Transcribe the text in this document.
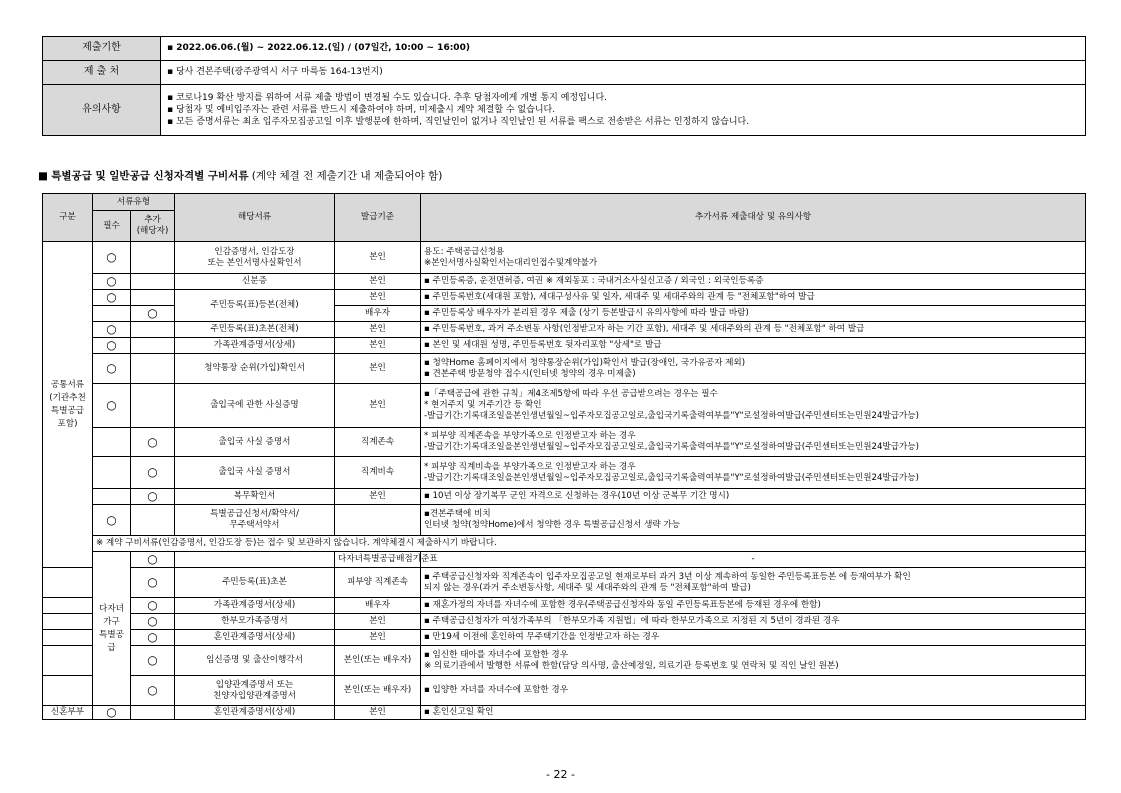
제출기한	▪ 2022.06.06.(월) ~ 2022.06.12.(일) / (07일간, 10:00 ~ 16:00)
제 출 처	▪ 당사 견본주택(광주광역시 서구 마륵동 164-13번지)
유의사항	▪ 코로나19 확산 방지를 위하여 서류 제출 방법이 변경될 수도 있습니다. 추후 당첨자에게 개별 통지 예정입니다.
▪ 당첨자 및 예비입주자는 관련 서류를 반드시 제출하여야 하며, 미제출시 계약 체결할 수 없습니다.
▪ 모든 증명서류는 최초 입주자모집공고일 이후 발행분에 한하며, 직인날인이 없거나 직인날인 된 서류를 팩스로 전송받은 서류는 인정하지 않습니다.
■ 특별공급 및 일반공급 신청자격별 구비서류 (계약 체결 전 제출기간 내 제출되어야 함)
구분	서류유형		해당서류	발급기준	추가서류 제출대상 및 유의사항	
	필수	추가
(해당자)				

공통서류
(기관추천
특별공급
포함)	○		인감증명서, 인감도장
또는 본인서명사실확인서	본인	용도: 주택공급신청용
※본인서명사실확인서는대리인접수및계약불가	

	○		신분증	본인	▪ 주민등록증, 운전면허증, 여권 ※ 재외동포 : 국내거소사실신고증 / 외국인 : 외국인등록증	
	○		주민등록(표)등본(전체)	본인	▪ 주민등록번호(세대원 포함), 세대구성사유 및 일자, 세대주 및 세대주와의 관계 등 "전체포함"하여 발급	
		○		배우자	▪ 주민등록상 배우자가 분리된 경우 제출 (상기 등본발급시 유의사항에 따라 발급 바람)	
	○		주민등록(표)초본(전체)	본인	▪ 주민등록번호, 과거 주소변동 사항(인정받고자 하는 기간 포함), 세대주 및 세대주와의 관계 등 "전체포함" 하여 발급	
	○		가족관계증명서(상세)	본인	▪ 본인 및 세대원 성명, 주민등록번호 뒷자리포함 "상세"로 발급	
	○		청약통장 순위(가입)확인서	본인	▪ 청약Home 홈페이지에서 청약통장순위(가입)확인서 발급(장애인, 국가유공자 제외)
▪ 견본주택 방문청약 접수시(인터넷 청약의 경우 미제출)	

	○		출입국에 관한 사실증명	본인	▪「주택공급에 관한 규칙」제4조제5항에 따라 우선 공급받으려는 경우는 필수
* 현거주지 및 거주기간 등 확인
-발급기간:기록대조일을본인생년월일~입주자모집공고일로,출입국기록출력여부를"Y"로설정하여발급(주민센터또는민원24발급가능)	

		○	출입국 사실 증명서	직계존속	* 피부양 직계존속을 부양가족으로 인정받고자 하는 경우
-발급기간:기록대조일을본인생년월일~입주자모집공고일로,출입국기록출력여부를"Y"로설정하여발급(주민센터또는민원24발급가능)	

		○	출입국 사실 증명서	직계비속	* 피부양 직계비속을 부양가족으로 인정받고자 하는 경우
-발급기간:기록대조일을본인생년월일~입주자모집공고일로,출입국기록출력여부를"Y"로설정하여발급(주민센터또는민원24발급가능)	

		○	복무확인서	본인	▪ 10년 이상 장기복무 군인 자격으로 신청하는 경우(10년 이상 군복무 기간 명시)	
	○		특별공급신청서/확약서/
무주택서약서		▪견본주택에 비치
인터넷 청약(청약Home)에서 청약한 경우 특별공급신청서 생략 가능	

	※ 계약 구비서류(인감증명서, 인감도장 등)는 접수 및 보관하지 않습니다. 계약체결시 제출하시기 바랍니다.					

	다자녀가구
특별공급	○		다자녀특별공급배점기준표	-	
		○	주민등록(표)초본	피부양 직계존속	▪ 주택공급신청자와 직계존속이 입주자모집공고일 현재로부터 과거 3년 이상 계속하여 동일한 주민등록표등본 에 등재여부가 확인
되지 않는 경우(과거 주소변동사항, 세대주 및 세대주와의 관계 등 "전체포함"하여 발급)	

		○	가족관계증명서(상세)	배우자	▪ 재혼가정의 자녀를 자녀수에 포함한 경우(주택공급신청자와 동일 주민등록표등본에 등재된 경우에 한함)	
		○	한부모가족증명서	본인	▪ 주택공급신청자가 여성가족부의 「한부모가족 지원법」에 따라 한부모가족으로 지정된 지 5년이 경과된 경우	
		○	혼인관계증명서(상세)	본인	▪ 만19세 이전에 혼인하여 무주택기간을 인정받고자 하는 경우	
		○	임신증명 및 출산이행각서	본인(또는 배우자)	▪ 임신한 태아를 자녀수에 포함한 경우
※ 의료기관에서 발행한 서류에 한함(담당 의사명, 출산예정일, 의료기관 등록번호 및 연락처 및 직인 날인 원본)	

		○	입양관계증명서 또는
친양자입양관계증명서	본인(또는 배우자)	▪ 입양한 자녀를 자녀수에 포함한 경우	
신혼부부	○		혼인관계증명서(상세)	본인	▪ 혼인신고일 확인	
- 22 -
